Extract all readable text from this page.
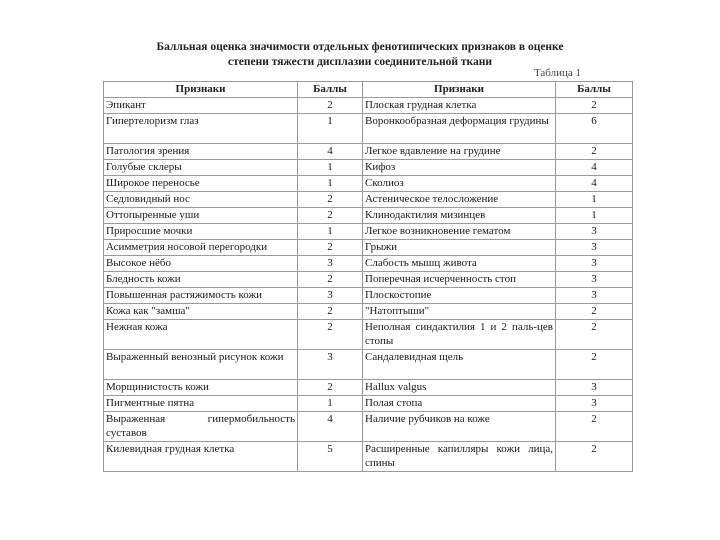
Балльная оценка значимости отдельных фенотипических признаков в оценке
степени тяжести дисплазии соединительной ткани
Таблица 1
Признаки	Баллы	Признаки	Баллы
Эпикант	2	Плоская грудная клетка	2
Гипертелоризм глаз	1	Воронкообразная деформация грудины	6
Патология зрения	4	Легкое вдавление на грудине	2
Голубые склеры	1	Кифоз	4
Широкое переносье	1	Сколиоз	4
Седловидный нос	2	Астеническое телосложение	1
Оттопыренные уши	2	Клинодактилия мизинцев	1
Приросшие мочки	1	Легкое возникновение гематом	3
Асимметрия носовой перегородки	2	Грыжи	3
Высокое нёбо	3	Слабость мышц живота	3
Бледность кожи	2	Поперечная исчерченность стоп	3
Повышенная растяжимость кожи	3	Плоскостопие	3
Кожа как "замша"	2	"Натоптыши"	2
Нежная кожа	2	Неполная синдактилия 1 и 2 паль-цев стопы	2
Выраженный венозный рисунок кожи	3	Сандалевидная щель	2
Морщинистость кожи	2	Hallux valgus	3
Пигментные пятна	1	Полая стопа	3
Выраженная гипермобильность суставов	4	Наличие рубчиков на коже	2
Килевидная грудная клетка	5	Расширенные капилляры кожи лица, спины	2
